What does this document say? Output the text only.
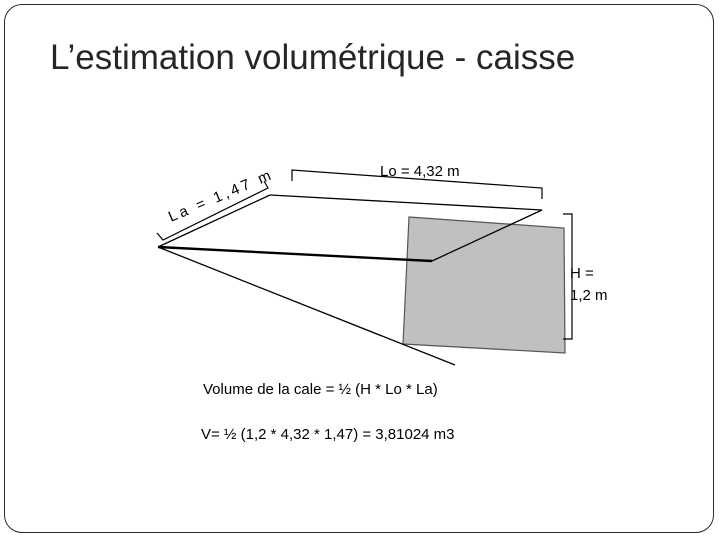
L’estimation volumétrique - caisse
Lo = 4,32 m
La = 1,47 m
H =
1,2 m
Volume de la cale = ½ (H * Lo * La)
V= ½ (1,2 * 4,32 * 1,47) = 3,81024 m3
